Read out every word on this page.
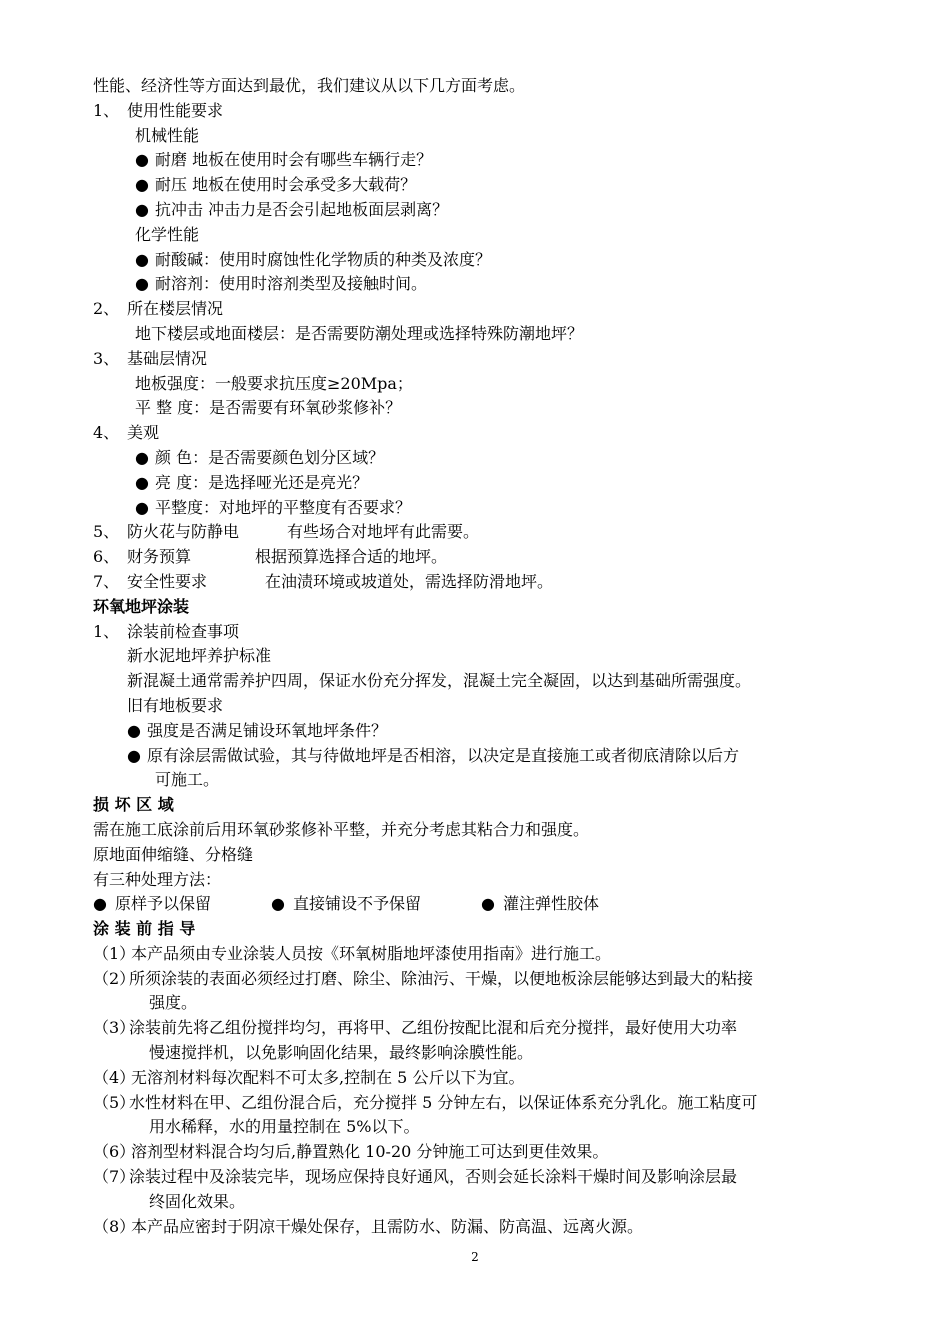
性能、经济性等方面达到最优，我们建议从以下几方面考虑。
1、 使用性能要求
机械性能
● 耐磨 地板在使用时会有哪些车辆行走？
● 耐压 地板在使用时会承受多大载荷？
● 抗冲击 冲击力是否会引起地板面层剥离？
化学性能
● 耐酸碱：使用时腐蚀性化学物质的种类及浓度？
● 耐溶剂：使用时溶剂类型及接触时间。
2、 所在楼层情况
地下楼层或地面楼层：是否需要防潮处理或选择特殊防潮地坪？
3、 基础层情况
地板强度：一般要求抗压度≥20Mpa；
平 整 度：是否需要有环氧砂浆修补？
4、 美观
● 颜 色：是否需要颜色划分区域？
● 亮 度：是选择哑光还是亮光？
● 平整度：对地坪的平整度有否要求？
5、 防火花与防静电	有些场合对地坪有此需要。
6、 财务预算	根据预算选择合适的地坪。
7、 安全性要求	在油渍环境或坡道处，需选择防滑地坪。
环氧地坪涂装
1、 涂装前检查事项
新水泥地坪养护标准
新混凝土通常需养护四周，保证水份充分挥发，混凝土完全凝固，以达到基础所需强度。
旧有地板要求
● 强度是否满足铺设环氧地坪条件？
● 原有涂层需做试验，其与待做地坪是否相溶，以决定是直接施工或者彻底清除以后方
可施工。
损 坏 区 域
需在施工底涂前后用环氧砂浆修补平整，并充分考虑其粘合力和强度。
原地面伸缩缝、分格缝
有三种处理方法：
● 原样予以保留	● 直接铺设不予保留	● 灌注弹性胶体
涂 装 前 指 导
（1）本产品须由专业涂装人员按《环氧树脂地坪漆使用指南》进行施工。
（2）所须涂装的表面必须经过打磨、除尘、除油污、干燥，以便地板涂层能够达到最大的粘接
强度。
（3）涂装前先将乙组份搅拌均匀，再将甲、乙组份按配比混和后充分搅拌，最好使用大功率
慢速搅拌机，以免影响固化结果，最终影响涂膜性能。
（4）无溶剂材料每次配料不可太多,控制在 5 公斤以下为宜。
（5）水性材料在甲、乙组份混合后，充分搅拌 5 分钟左右，以保证体系充分乳化。施工粘度可
用水稀释，水的用量控制在 5%以下。
（6）溶剂型材料混合均匀后,静置熟化 10-20 分钟施工可达到更佳效果。
（7）涂装过程中及涂装完毕，现场应保持良好通风，否则会延长涂料干燥时间及影响涂层最
终固化效果。
（8）本产品应密封于阴凉干燥处保存，且需防水、防漏、防高温、远离火源。
2
